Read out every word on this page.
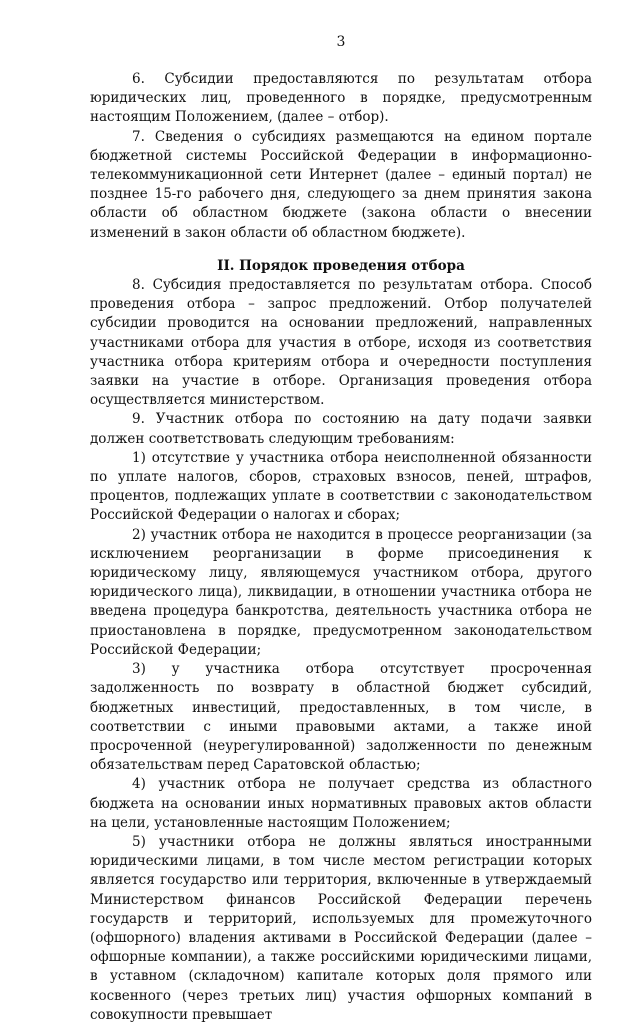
3

6. Субсидии предоставляются по результатам отбора юридических лиц, проведенного в порядке, предусмотренным настоящим Положением, (далее – отбор).

7. Сведения о субсидиях размещаются на едином портале бюджетной системы Российской Федерации в информационно-телекоммуникационной сети Интернет (далее – единый портал) не позднее 15-го рабочего дня, следующего за днем принятия закона области об областном бюджете (закона области о внесении изменений в закон области об областном бюджете).

II. Порядок проведения отбора

8. Субсидия предоставляется по результатам отбора. Способ проведения отбора – запрос предложений. Отбор получателей субсидии проводится на основании предложений, направленных участниками отбора для участия в отборе, исходя из соответствия участника отбора критериям отбора и очередности поступления заявки на участие в отборе. Организация проведения отбора осуществляется министерством.

9. Участник отбора по состоянию на дату подачи заявки должен соответствовать следующим требованиям:

1) отсутствие у участника отбора неисполненной обязанности по уплате налогов, сборов, страховых взносов, пеней, штрафов, процентов, подлежащих уплате в соответствии с законодательством Российской Федерации о налогах и сборах;

2) участник отбора не находится в процессе реорганизации (за исключением реорганизации в форме присоединения к юридическому лицу, являющемуся участником отбора, другого юридического лица), ликвидации, в отношении участника отбора не введена процедура банкротства, деятельность участника отбора не приостановлена в порядке, предусмотренном законодательством Российской Федерации;

3) у участника отбора отсутствует просроченная задолженность по возврату в областной бюджет субсидий, бюджетных инвестиций, предоставленных, в том числе, в соответствии с иными правовыми актами, а также иной просроченной (неурегулированной) задолженности по денежным обязательствам перед Саратовской областью;

4) участник отбора не получает средства из областного бюджета на основании иных нормативных правовых актов области на цели, установленные настоящим Положением;

5) участники отбора не должны являться иностранными юридическими лицами, в том числе местом регистрации которых является государство или территория, включенные в утверждаемый Министерством финансов Российской Федерации перечень государств и территорий, используемых для промежуточного (офшорного) владения активами в Российской Федерации (далее – офшорные компании), а также российскими юридическими лицами, в уставном (складочном) капитале которых доля прямого или косвенного (через третьих лиц) участия офшорных компаний в совокупности превышает
